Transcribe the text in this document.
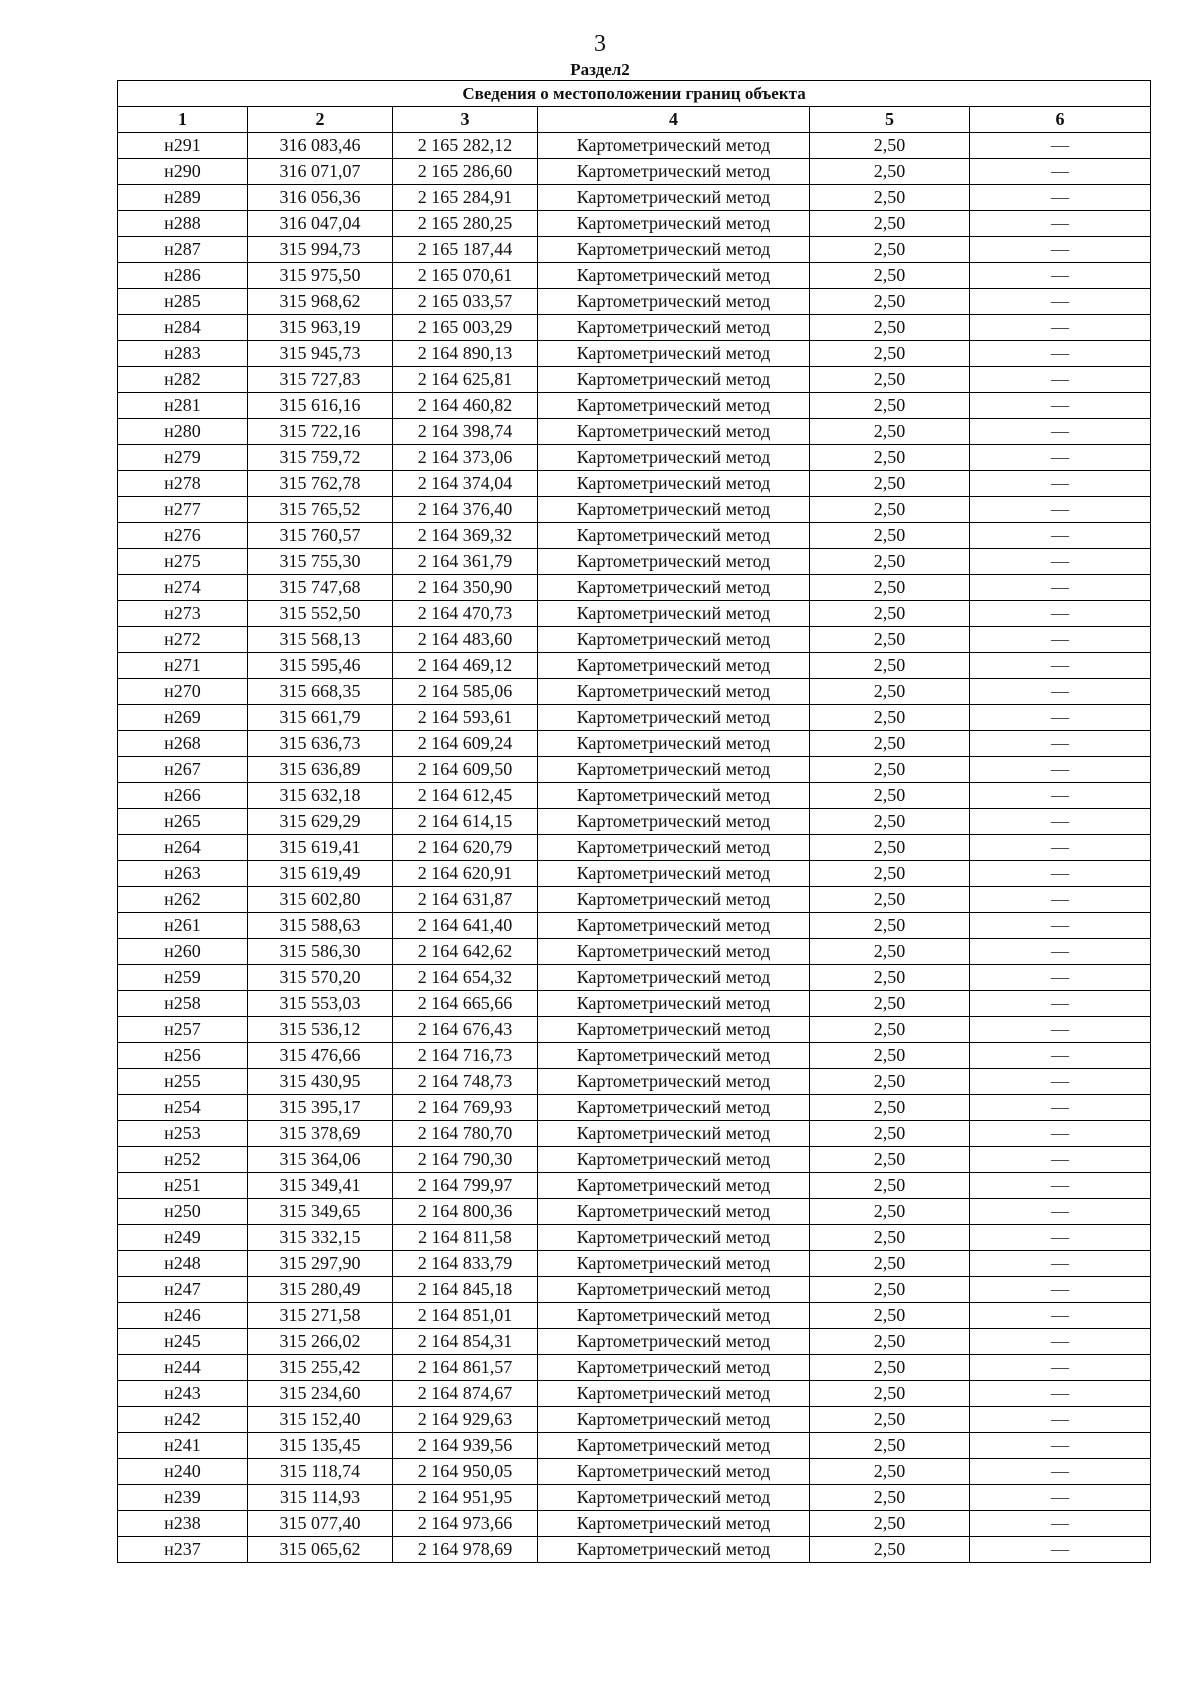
3
Раздел2
Сведения о местоположении границ объекта					
1	2	3	4	5	6
н291	316 083,46	2 165 282,12	Картометрический метод	2,50	—
н290	316 071,07	2 165 286,60	Картометрический метод	2,50	—
н289	316 056,36	2 165 284,91	Картометрический метод	2,50	—
н288	316 047,04	2 165 280,25	Картометрический метод	2,50	—
н287	315 994,73	2 165 187,44	Картометрический метод	2,50	—
н286	315 975,50	2 165 070,61	Картометрический метод	2,50	—
н285	315 968,62	2 165 033,57	Картометрический метод	2,50	—
н284	315 963,19	2 165 003,29	Картометрический метод	2,50	—
н283	315 945,73	2 164 890,13	Картометрический метод	2,50	—
н282	315 727,83	2 164 625,81	Картометрический метод	2,50	—
н281	315 616,16	2 164 460,82	Картометрический метод	2,50	—
н280	315 722,16	2 164 398,74	Картометрический метод	2,50	—
н279	315 759,72	2 164 373,06	Картометрический метод	2,50	—
н278	315 762,78	2 164 374,04	Картометрический метод	2,50	—
н277	315 765,52	2 164 376,40	Картометрический метод	2,50	—
н276	315 760,57	2 164 369,32	Картометрический метод	2,50	—
н275	315 755,30	2 164 361,79	Картометрический метод	2,50	—
н274	315 747,68	2 164 350,90	Картометрический метод	2,50	—
н273	315 552,50	2 164 470,73	Картометрический метод	2,50	—
н272	315 568,13	2 164 483,60	Картометрический метод	2,50	—
н271	315 595,46	2 164 469,12	Картометрический метод	2,50	—
н270	315 668,35	2 164 585,06	Картометрический метод	2,50	—
н269	315 661,79	2 164 593,61	Картометрический метод	2,50	—
н268	315 636,73	2 164 609,24	Картометрический метод	2,50	—
н267	315 636,89	2 164 609,50	Картометрический метод	2,50	—
н266	315 632,18	2 164 612,45	Картометрический метод	2,50	—
н265	315 629,29	2 164 614,15	Картометрический метод	2,50	—
н264	315 619,41	2 164 620,79	Картометрический метод	2,50	—
н263	315 619,49	2 164 620,91	Картометрический метод	2,50	—
н262	315 602,80	2 164 631,87	Картометрический метод	2,50	—
н261	315 588,63	2 164 641,40	Картометрический метод	2,50	—
н260	315 586,30	2 164 642,62	Картометрический метод	2,50	—
н259	315 570,20	2 164 654,32	Картометрический метод	2,50	—
н258	315 553,03	2 164 665,66	Картометрический метод	2,50	—
н257	315 536,12	2 164 676,43	Картометрический метод	2,50	—
н256	315 476,66	2 164 716,73	Картометрический метод	2,50	—
н255	315 430,95	2 164 748,73	Картометрический метод	2,50	—
н254	315 395,17	2 164 769,93	Картометрический метод	2,50	—
н253	315 378,69	2 164 780,70	Картометрический метод	2,50	—
н252	315 364,06	2 164 790,30	Картометрический метод	2,50	—
н251	315 349,41	2 164 799,97	Картометрический метод	2,50	—
н250	315 349,65	2 164 800,36	Картометрический метод	2,50	—
н249	315 332,15	2 164 811,58	Картометрический метод	2,50	—
н248	315 297,90	2 164 833,79	Картометрический метод	2,50	—
н247	315 280,49	2 164 845,18	Картометрический метод	2,50	—
н246	315 271,58	2 164 851,01	Картометрический метод	2,50	—
н245	315 266,02	2 164 854,31	Картометрический метод	2,50	—
н244	315 255,42	2 164 861,57	Картометрический метод	2,50	—
н243	315 234,60	2 164 874,67	Картометрический метод	2,50	—
н242	315 152,40	2 164 929,63	Картометрический метод	2,50	—
н241	315 135,45	2 164 939,56	Картометрический метод	2,50	—
н240	315 118,74	2 164 950,05	Картометрический метод	2,50	—
н239	315 114,93	2 164 951,95	Картометрический метод	2,50	—
н238	315 077,40	2 164 973,66	Картометрический метод	2,50	—
н237	315 065,62	2 164 978,69	Картометрический метод	2,50	—
